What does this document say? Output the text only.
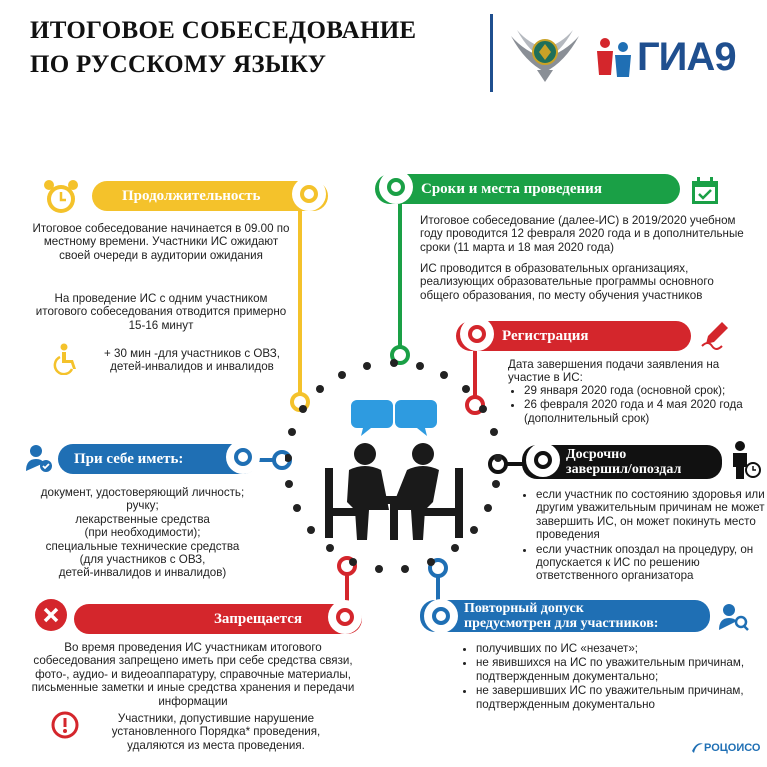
ИТОГОВОЕ СОБЕСЕДОВАНИЕ
ПО РУССКОМУ ЯЗЫКУ	ГИА9
Продолжительность
Итоговое собеседование начинается в 09.00 по местному времени. Участники ИС ожидают своей очереди в аудитории ожидания
На проведение ИС с одним участником итогового собеседования отводится примерно 15-16 минут
+ 30 мин -для участников с ОВЗ, детей-инвалидов и инвалидов
Сроки и места проведения
Итоговое собеседование (далее-ИС) в 2019/2020 учебном году проводится 12 февраля 2020 года и в дополнительные сроки (11 марта и 18 мая 2020 года)
ИС проводится в образовательных организациях, реализующих образовательные программы основного общего образования, по месту обучения участников
Регистрация
Дата завершения подачи заявления на участие в ИС:
• 29 января 2020 года (основной срок);
• 26 февраля 2020 года и 4 мая 2020 года (дополнительный срок)
При себе иметь:
документ, удостоверяющий личность;
ручку;
лекарственные средства
(при необходимости);
специальные технические средства
(для участников с ОВЗ,
детей-инвалидов и инвалидов)
Досрочно
завершил/опоздал
• если участник по состоянию здоровья или другим уважительным причинам не может завершить ИС, он может покинуть место проведения
• если участник опоздал на процедуру, он допускается к ИС по решению ответственного организатора
Запрещается
Во время проведения ИС участникам итогового собеседования запрещено иметь при себе средства связи, фото-, аудио- и видеоаппаратуру, справочные материалы, письменные заметки и иные средства хранения и передачи информации
Участники, допустившие нарушение установленного Порядка* проведения, удаляются из места проведения.
Повторный допуск
предусмотрен для участников:
• получивших по ИС «незачет»;
• не явившихся на ИС по уважительным причинам, подтвержденным документально;
• не завершивших ИС по уважительным причинам, подтвержденным документально
РОЦОИСО
